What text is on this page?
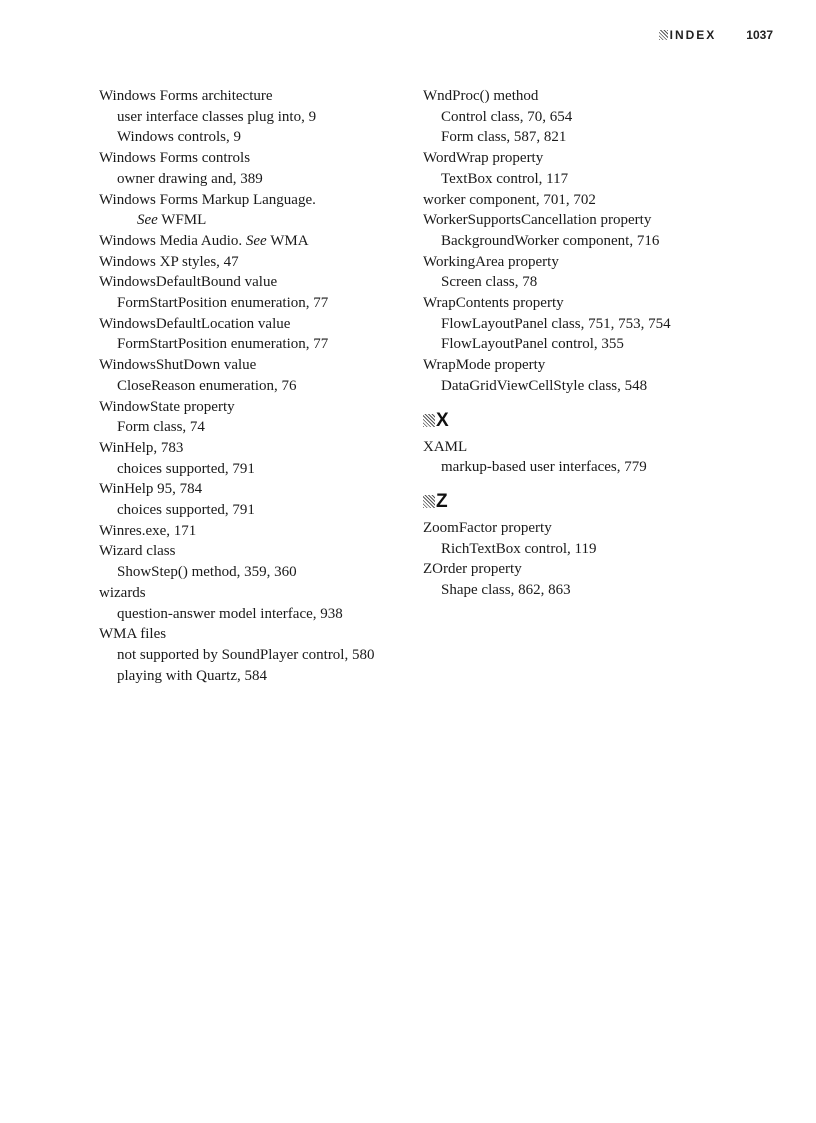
INDEX	1037
Windows Forms architecture
user interface classes plug into, 9
Windows controls, 9
Windows Forms controls
owner drawing and, 389
Windows Forms Markup Language.
See WFML
Windows Media Audio. See WMA
Windows XP styles, 47
WindowsDefaultBound value
FormStartPosition enumeration, 77
WindowsDefaultLocation value
FormStartPosition enumeration, 77
WindowsShutDown value
CloseReason enumeration, 76
WindowState property
Form class, 74
WinHelp, 783
choices supported, 791
WinHelp 95, 784
choices supported, 791
Winres.exe, 171
Wizard class
ShowStep() method, 359, 360
wizards
question-answer model interface, 938
WMA files
not supported by SoundPlayer control, 580
playing with Quartz, 584
WndProc() method
Control class, 70, 654
Form class, 587, 821
WordWrap property
TextBox control, 117
worker component, 701, 702
WorkerSupportsCancellation property
BackgroundWorker component, 716
WorkingArea property
Screen class, 78
WrapContents property
FlowLayoutPanel class, 751, 753, 754
FlowLayoutPanel control, 355
WrapMode property
DataGridViewCellStyle class, 548
X
XAML
markup-based user interfaces, 779
Z
ZoomFactor property
RichTextBox control, 119
ZOrder property
Shape class, 862, 863
